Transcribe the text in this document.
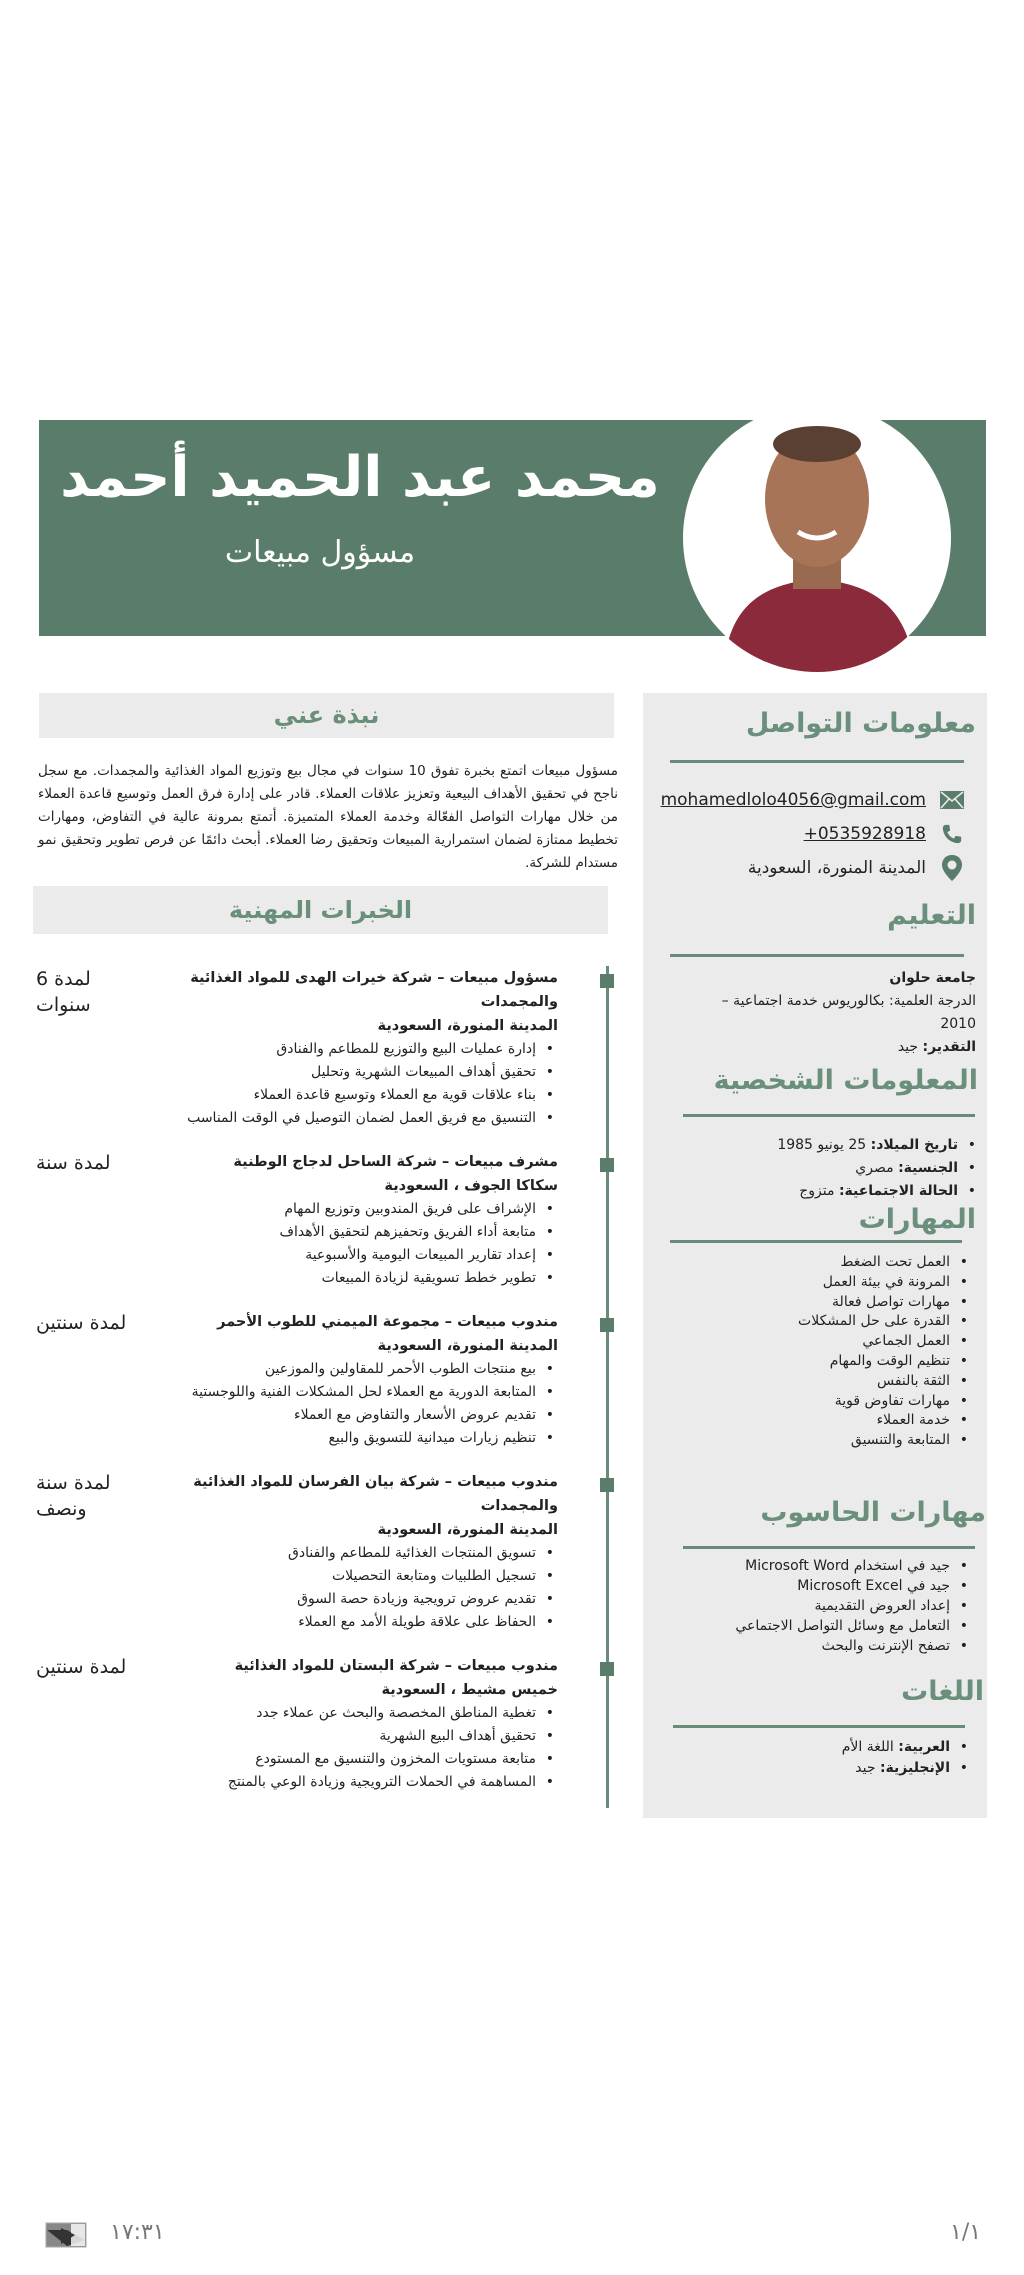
محمد عبد الحميد أحمد
مسؤول مبيعات
معلومات التواصل
mohamedlolo4056@gmail.com
+0535928918
المدينة المنورة، السعودية
التعليم
جامعة حلوان
الدرجة العلمية: بكالوريوس خدمة اجتماعية – 2010
التقدير: جيد
المعلومات الشخصية
• تاريخ الميلاد: 25 يونيو 1985
• الجنسية: مصري
• الحالة الاجتماعية: متزوج
المهارات
• العمل تحت الضغط
• المرونة في بيئة العمل
• مهارات تواصل فعالة
• القدرة على حل المشكلات
• العمل الجماعي
• تنظيم الوقت والمهام
• الثقة بالنفس
• مهارات تفاوض قوية
• خدمة العملاء
• المتابعة والتنسيق
مهارات الحاسوب
• جيد في استخدام Microsoft Word
• جيد في Microsoft Excel
• إعداد العروض التقديمية
• التعامل مع وسائل التواصل الاجتماعي
• تصفح الإنترنت والبحث
اللغات
• العربية: اللغة الأم
• الإنجليزية: جيد
نبذة عني

مسؤول مبيعات اتمتع بخبرة تفوق 10 سنوات في مجال بيع وتوزيع المواد الغذائية والمجمدات. مع سجل ناجح في تحقيق الأهداف البيعية وتعزيز علاقات العملاء. قادر على إدارة فرق العمل وتوسيع قاعدة العملاء من خلال مهارات التواصل الفعّالة وخدمة العملاء المتميزة. أتمتع بمرونة عالية في التفاوض، ومهارات تخطيط ممتازة لضمان استمرارية المبيعات وتحقيق رضا العملاء. أبحث دائمًا عن فرص تطوير وتحقيق نمو مستدام للشركة.

الخبرات المهنية
مسؤول مبيعات – شركة خيرات الهدى للمواد الغذائية والمجمدات
المدينة المنورة، السعودية
• إدارة عمليات البيع والتوزيع للمطاعم والفنادق
• تحقيق أهداف المبيعات الشهرية وتحليل
• بناء علاقات قوية مع العملاء وتوسيع قاعدة العملاء
• التنسيق مع فريق العمل لضمان التوصيل في الوقت المناسب
لمدة 6 سنوات
مشرف مبيعات – شركة الساحل لدجاج الوطنية
سكاكا الجوف ، السعودية
• الإشراف على فريق المندوبين وتوزيع المهام
• متابعة أداء الفريق وتحفيزهم لتحقيق الأهداف
• إعداد تقارير المبيعات اليومية والأسبوعية
• تطوير خطط تسويقية لزيادة المبيعات
لمدة سنة
مندوب مبيعات – مجموعة الميمني للطوب الأحمر
المدينة المنورة، السعودية
• بيع منتجات الطوب الأحمر للمقاولين والموزعين
• المتابعة الدورية مع العملاء لحل المشكلات الفنية واللوجستية
• تقديم عروض الأسعار والتفاوض مع العملاء
• تنظيم زيارات ميدانية للتسويق والبيع
لمدة سنتين
مندوب مبيعات – شركة بيان الفرسان للمواد الغذائية والمجمدات
المدينة المنورة، السعودية
• تسويق المنتجات الغذائية للمطاعم والفنادق
• تسجيل الطلبيات ومتابعة التحصيلات
• تقديم عروض ترويجية وزيادة حصة السوق
• الحفاظ على علاقة طويلة الأمد مع العملاء
لمدة سنة ونصف
مندوب مبيعات – شركة البستان للمواد الغذائية
خميس مشيط ، السعودية
• تغطية المناطق المخصصة والبحث عن عملاء جدد
• تحقيق أهداف البيع الشهرية
• متابعة مستويات المخزون والتنسيق مع المستودع
• المساهمة في الحملات الترويجية وزيادة الوعي بالمنتج
لمدة سنتين
١٧:٣١	١/١
